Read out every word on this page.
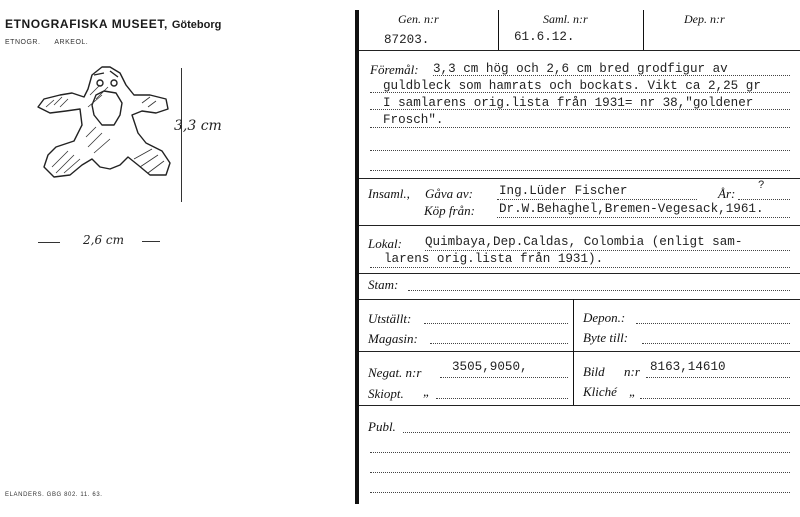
ETNOGRAFISKA MUSEET, Göteborg
ETNOGR. ARKEOL.
3,3 cm
2,6 cm
ELANDERS. GBG 802. 11. 63.
Gen. n:r	Saml. n:r	Dep. n:r
87203.	61.6.12.
Föremål: 3,3 cm hög och 2,6 cm bred grodfigur av
guldbleck som hamrats och bockats. Vikt ca 2,25 gr
I samlarens orig.lista från 1931= nr 38,"goldener
Frosch".
Insaml., Gåva av: Ing.Lüder Fischer	År: ?
Köp från: Dr.W.Behaghel,Bremen-Vegesack,1961.
Lokal: Quimbaya,Dep.Caldas, Colombia (enligt sam-
larens orig.lista från 1931).
Stam:
Utställt:	Depon.:
Magasin:	Byte till:
Negat. n:r 3505,9050,	Bild n:r 8163,14610
Skiopt. „	Kliché „
Publ.
